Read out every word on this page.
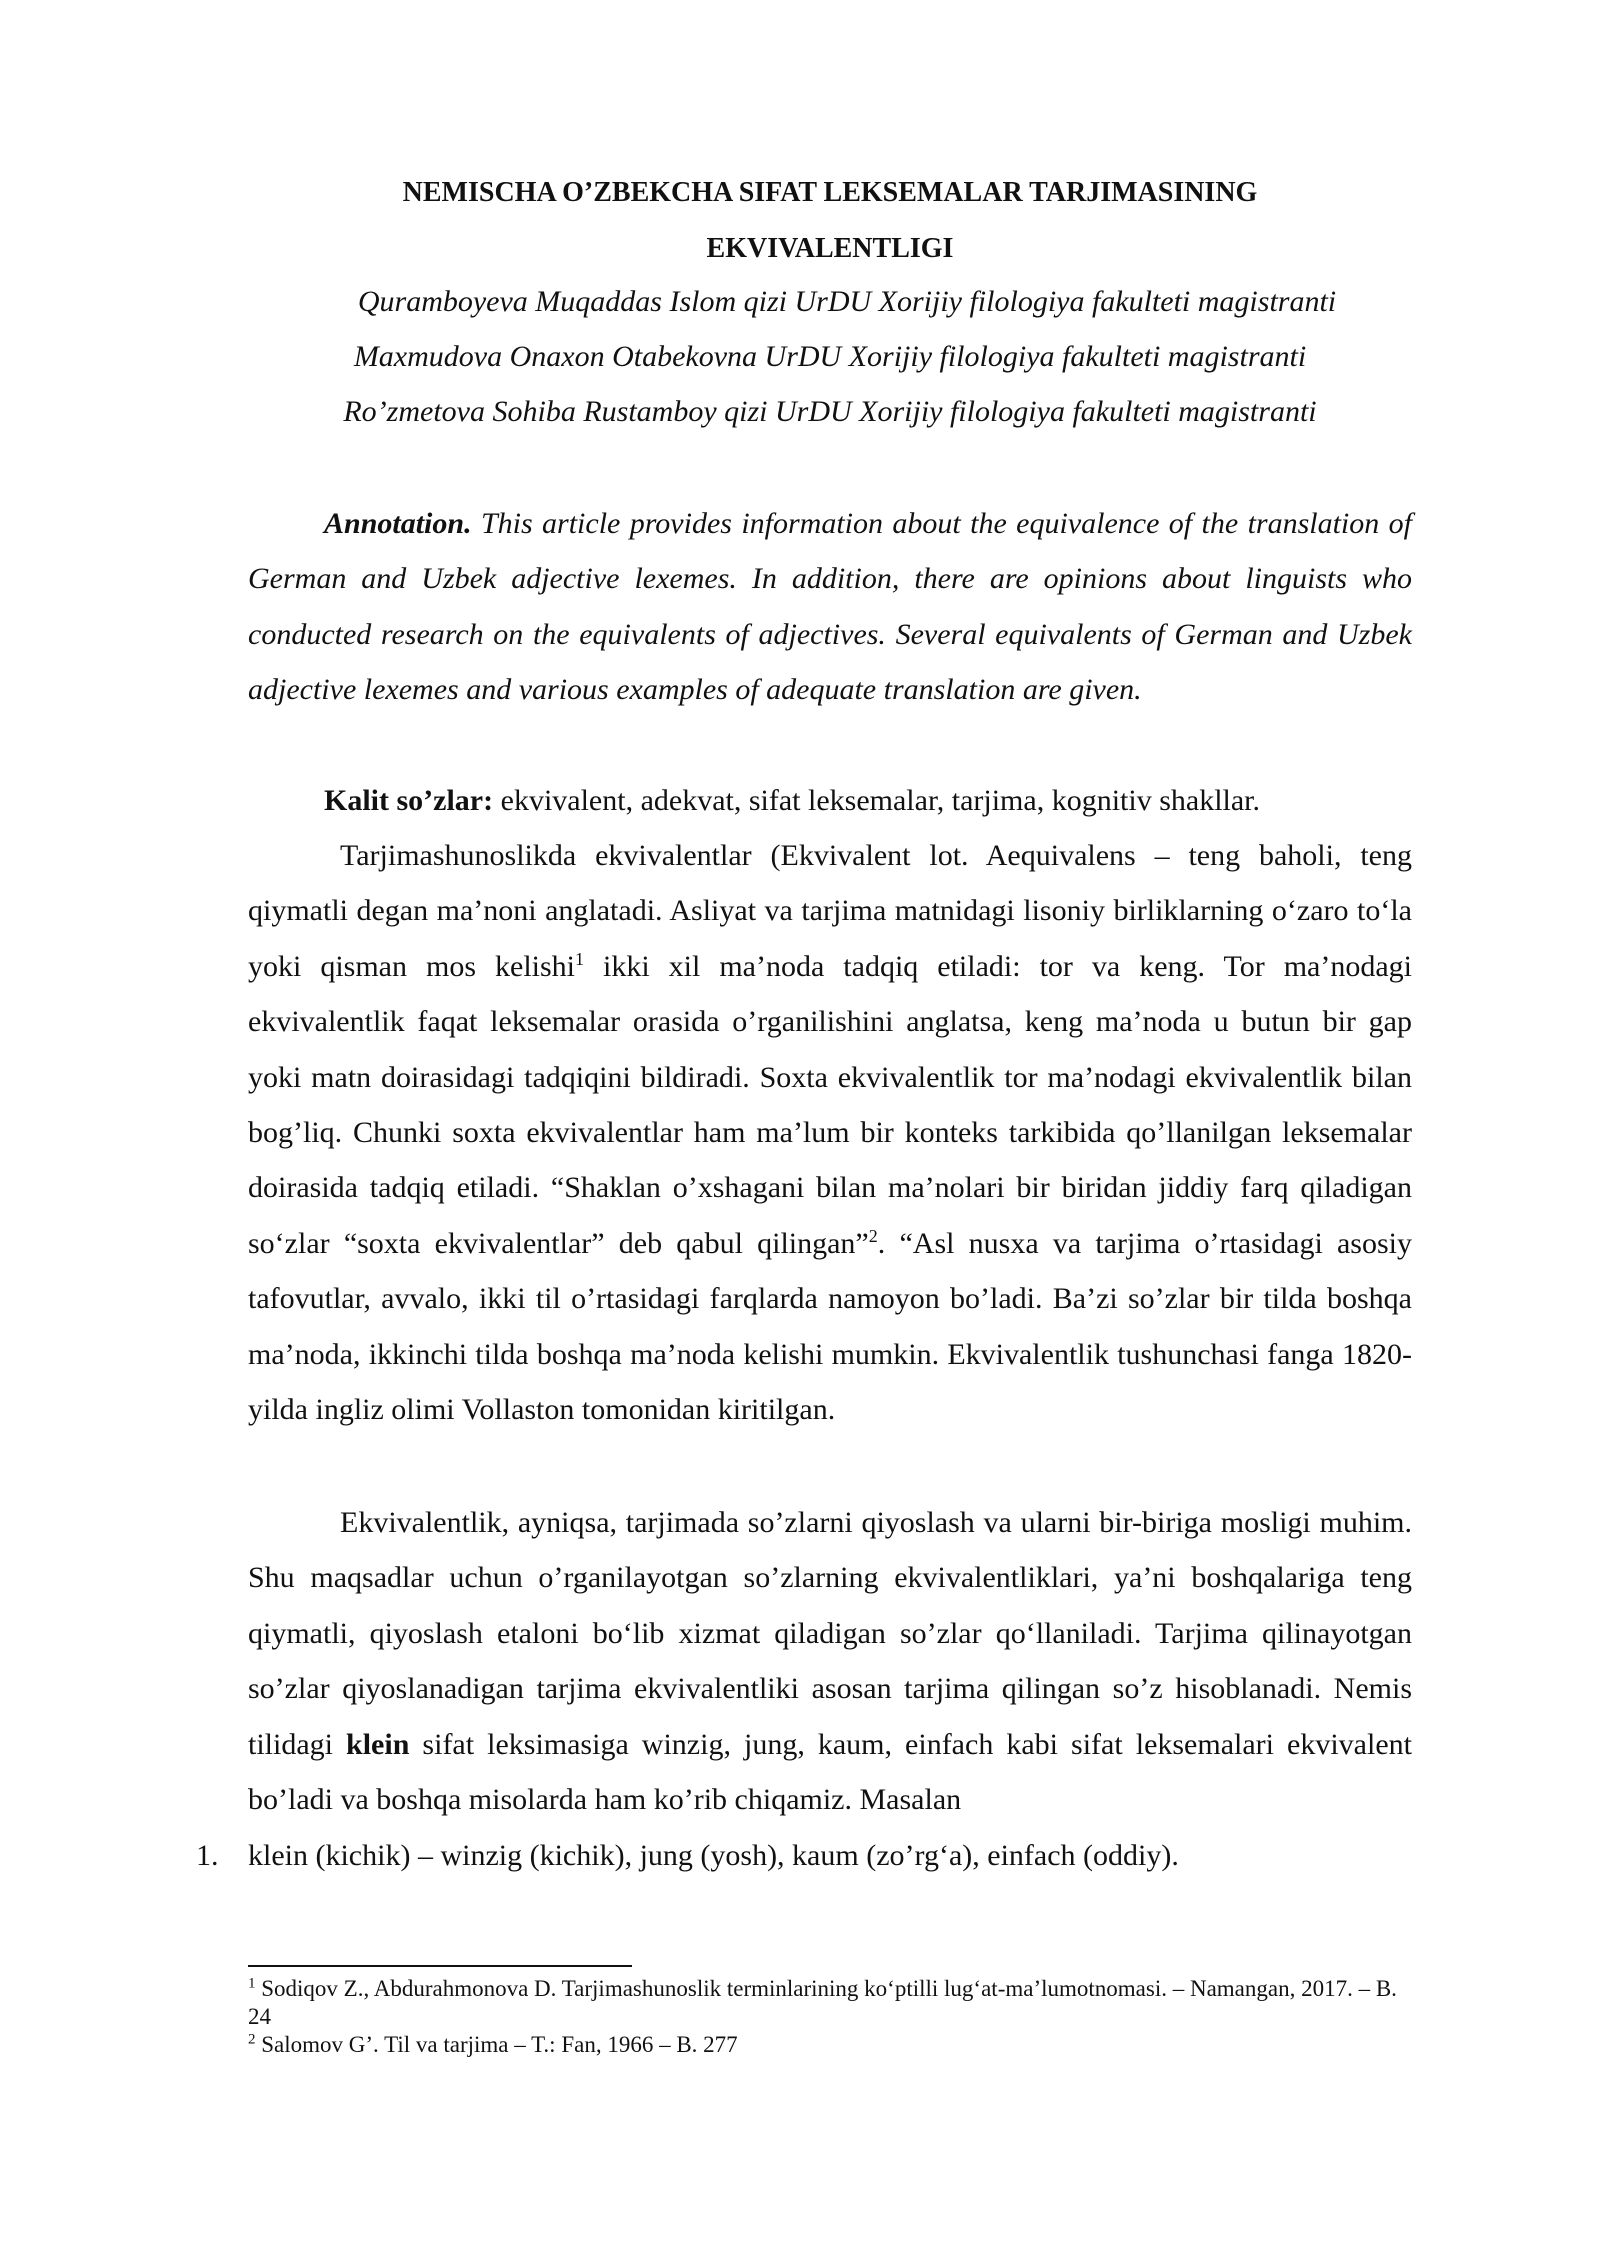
NEMISCHA O’ZBEKCHA SIFAT LEKSEMALAR TARJIMASINING
EKVIVALENTLIGI
Quramboyeva Muqaddas Islom qizi UrDU Xorijiy filologiya fakulteti magistranti
Maxmudova Onaxon Otabekovna UrDU Xorijiy filologiya fakulteti magistranti
Ro’zmetova Sohiba Rustamboy qizi UrDU Xorijiy filologiya fakulteti magistranti
Annotation. This article provides information about the equivalence of the translation of German and Uzbek adjective lexemes. In addition, there are opinions about linguists who conducted research on the equivalents of adjectives. Several equivalents of German and Uzbek adjective lexemes and various examples of adequate translation are given.
Kalit so’zlar: ekvivalent, adekvat, sifat leksemalar, tarjima, kognitiv shakllar.
Tarjimashunoslikda ekvivalentlar (Ekvivalent lot. Aequivalens – teng baholi, teng qiymatli degan ma’noni anglatadi. Asliyat va tarjima matnidagi lisoniy birliklarning o‘zaro to‘la yoki qisman mos kelishi$^1$ ikki xil ma’noda tadqiq etiladi: tor va keng. Tor ma’nodagi ekvivalentlik faqat leksemalar orasida o’rganilishini anglatsa, keng ma’noda u butun bir gap yoki matn doirasidagi tadqiqini bildiradi. Soxta ekvivalentlik tor ma’nodagi ekvivalentlik bilan bog’liq. Chunki soxta ekvivalentlar ham ma’lum bir konteks tarkibida qo’llanilgan leksemalar doirasida tadqiq etiladi. “Shaklan o’xshagani bilan ma’nolari bir biridan jiddiy farq qiladigan so‘zlar “soxta ekvivalentlar” deb qabul qilingan”$^2$. “Asl nusxa va tarjima o’rtasidagi asosiy tafovutlar, avvalo, ikki til o’rtasidagi farqlarda namoyon bo’ladi. Ba’zi so’zlar bir tilda boshqa ma’noda, ikkinchi tilda boshqa ma’noda kelishi mumkin. Ekvivalentlik tushunchasi fanga 1820- yilda ingliz olimi Vollaston tomonidan kiritilgan.
Ekvivalentlik, ayniqsa, tarjimada so’zlarni qiyoslash va ularni bir-biriga mosligi muhim. Shu maqsadlar uchun o’rganilayotgan so’zlarning ekvivalentliklari, ya’ni boshqalariga teng qiymatli, qiyoslash etaloni bo‘lib xizmat qiladigan so’zlar qo‘llaniladi. Tarjima qilinayotgan so’zlar qiyoslanadigan tarjima ekvivalentliki asosan tarjima qilingan so’z hisoblanadi. Nemis tilidagi klein sifat leksimasiga winzig, jung, kaum, einfach kabi sifat leksemalari ekvivalent bo’ladi va boshqa misolarda ham ko’rib chiqamiz. Masalan
1. klein (kichik) – winzig (kichik), jung (yosh), kaum (zo’rg‘a), einfach (oddiy).

$^1$ Sodiqov Z., Abdurahmonova D. Tarjimashunoslik terminlarining ko‘ptilli lug‘at-ma’lumotnomasi. – Namangan, 2017. – B. 24

$^2$ Salomov G’. Til va tarjima – T.: Fan, 1966 – B. 277
